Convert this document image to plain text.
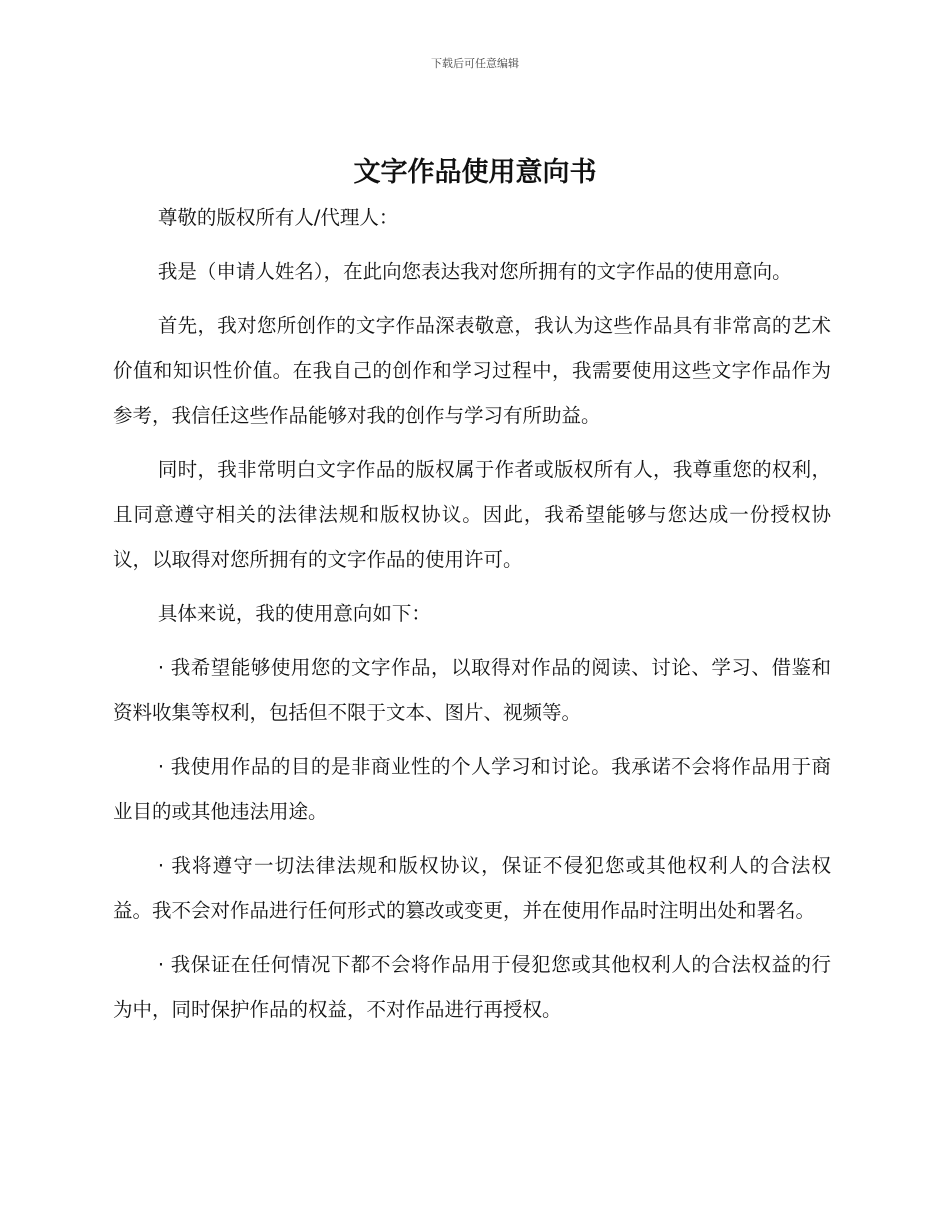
下载后可任意编辑
文字作品使用意向书

尊敬的版权所有人/代理人：

我是（申请人姓名），在此向您表达我对您所拥有的文字作品的使用意向。

首先，我对您所创作的文字作品深表敬意，我认为这些作品具有非常高的艺术价值和知识性价值。在我自己的创作和学习过程中，我需要使用这些文字作品作为参考，我信任这些作品能够对我的创作与学习有所助益。

同时，我非常明白文字作品的版权属于作者或版权所有人，我尊重您的权利，且同意遵守相关的法律法规和版权协议。因此，我希望能够与您达成一份授权协议，以取得对您所拥有的文字作品的使用许可。

具体来说，我的使用意向如下：

· 我希望能够使用您的文字作品，以取得对作品的阅读、讨论、学习、借鉴和资料收集等权利，包括但不限于文本、图片、视频等。

· 我使用作品的目的是非商业性的个人学习和讨论。我承诺不会将作品用于商业目的或其他违法用途。

· 我将遵守一切法律法规和版权协议，保证不侵犯您或其他权利人的合法权益。我不会对作品进行任何形式的篡改或变更，并在使用作品时注明出处和署名。

· 我保证在任何情况下都不会将作品用于侵犯您或其他权利人的合法权益的行为中，同时保护作品的权益，不对作品进行再授权。
